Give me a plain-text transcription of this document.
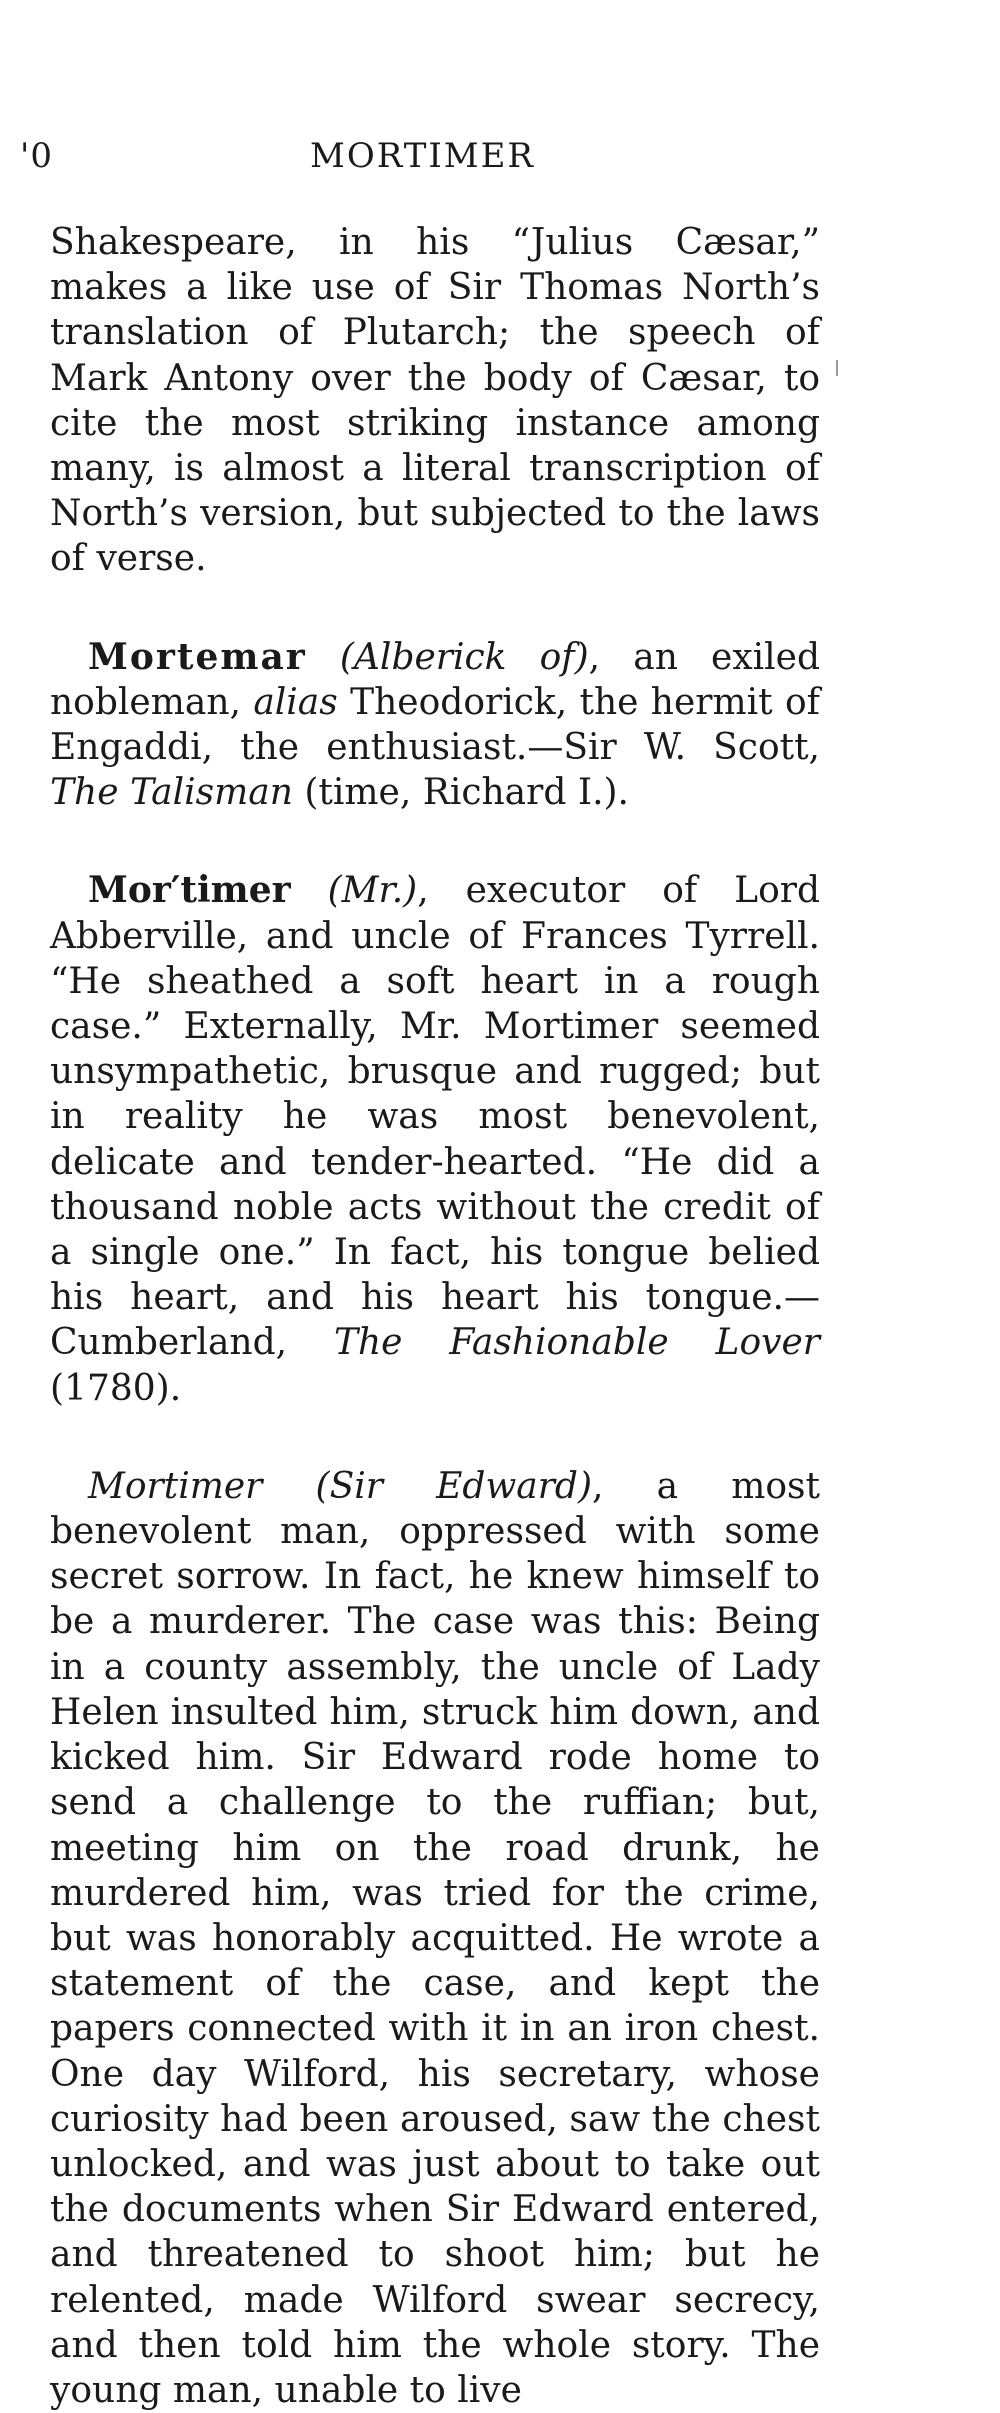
'0	MORTIMER

Shakespeare, in his “Julius Cæsar,” makes a like use of Sir Thomas North’s translation of Plutarch; the speech of Mark Antony over the body of Cæsar, to cite the most striking instance among many, is almost a literal transcription of North’s version, but subjected to the laws of verse.

Mortemar (Alberick of), an exiled nobleman, alias Theodorick, the hermit of Engaddi, the enthusiast.—Sir W. Scott, The Talisman (time, Richard I.).

Mor′timer (Mr.), executor of Lord Abberville, and uncle of Frances Tyrrell. “He sheathed a soft heart in a rough case.” Externally, Mr. Mortimer seemed unsympathetic, brusque and rugged; but in reality he was most benevolent, delicate and tender-hearted. “He did a thousand noble acts without the credit of a single one.” In fact, his tongue belied his heart, and his heart his tongue.—Cumberland, The Fashionable Lover (1780).

Mortimer (Sir Edward), a most benevolent man, oppressed with some secret sorrow. In fact, he knew himself to be a murderer. The case was this: Being in a county assembly, the uncle of Lady Helen insulted him, struck him down, and kicked him. Sir Edward rode home to send a challenge to the ruffian; but, meeting him on the road drunk, he murdered him, was tried for the crime, but was honorably acquitted. He wrote a statement of the case, and kept the papers connected with it in an iron chest. One day Wilford, his secretary, whose curiosity had been aroused, saw the chest unlocked, and was just about to take out the documents when Sir Edward entered, and threatened to shoot him; but he relented, made Wilford swear secrecy, and then told him the whole story. The young man, unable to live
